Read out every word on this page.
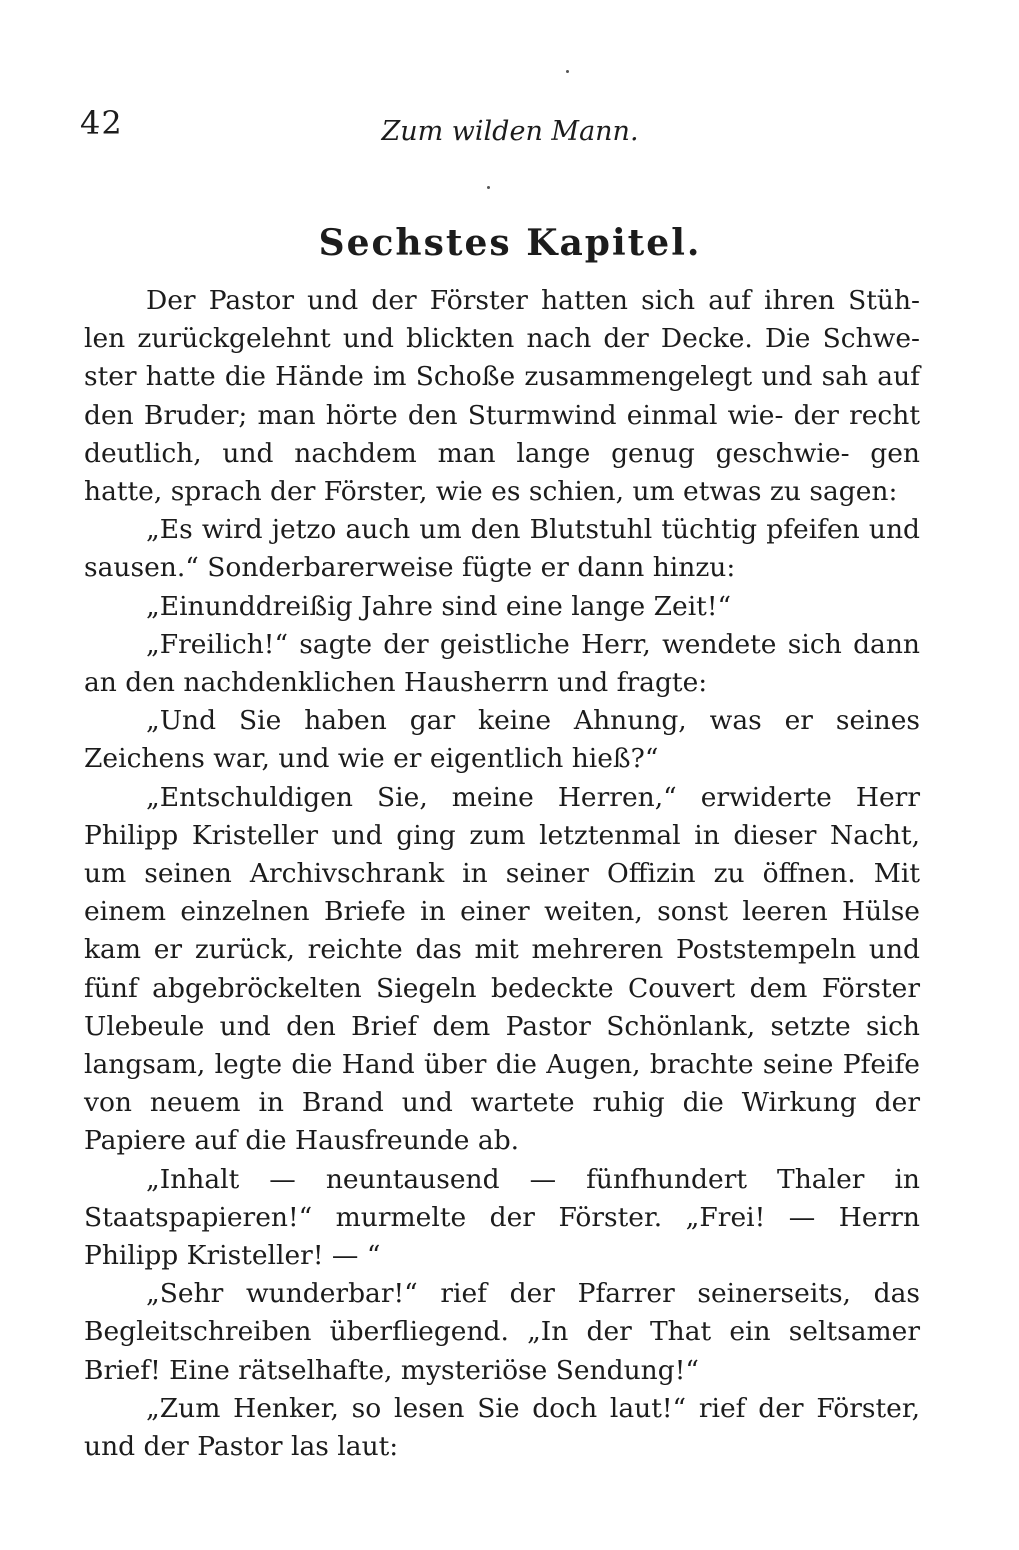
42	Zum wilden Mann.
Sechstes Kapitel.

Der Pastor und der Förster hatten sich auf ihren Stüh- len zurückgelehnt und blickten nach der Decke. Die Schwe- ster hatte die Hände im Schoße zusammengelegt und sah auf den Bruder; man hörte den Sturmwind einmal wie- der recht deutlich, und nachdem man lange genug geschwie- gen hatte, sprach der Förster, wie es schien, um etwas zu sagen:

„Es wird jetzo auch um den Blutstuhl tüchtig pfeifen und sausen.“ Sonderbarerweise fügte er dann hinzu:

„Einunddreißig Jahre sind eine lange Zeit!“

„Freilich!“ sagte der geistliche Herr, wendete sich dann an den nachdenklichen Hausherrn und fragte:

„Und Sie haben gar keine Ahnung, was er seines Zeichens war, und wie er eigentlich hieß?“

„Entschuldigen Sie, meine Herren,“ erwiderte Herr Philipp Kristeller und ging zum letztenmal in dieser Nacht, um seinen Archivschrank in seiner Offizin zu öffnen. Mit einem einzelnen Briefe in einer weiten, sonst leeren Hülse kam er zurück, reichte das mit mehreren Poststempeln und fünf abgebröckelten Siegeln bedeckte Couvert dem Förster Ulebeule und den Brief dem Pastor Schönlank, setzte sich langsam, legte die Hand über die Augen, brachte seine Pfeife von neuem in Brand und wartete ruhig die Wirkung der Papiere auf die Hausfreunde ab.

„Inhalt — neuntausend — fünfhundert Thaler in Staatspapieren!“ murmelte der Förster. „Frei! — Herrn Philipp Kristeller! — “

„Sehr wunderbar!“ rief der Pfarrer seinerseits, das Begleitschreiben überfliegend. „In der That ein seltsamer Brief! Eine rätselhafte, mysteriöse Sendung!“

„Zum Henker, so lesen Sie doch laut!“ rief der Förster, und der Pastor las laut:
